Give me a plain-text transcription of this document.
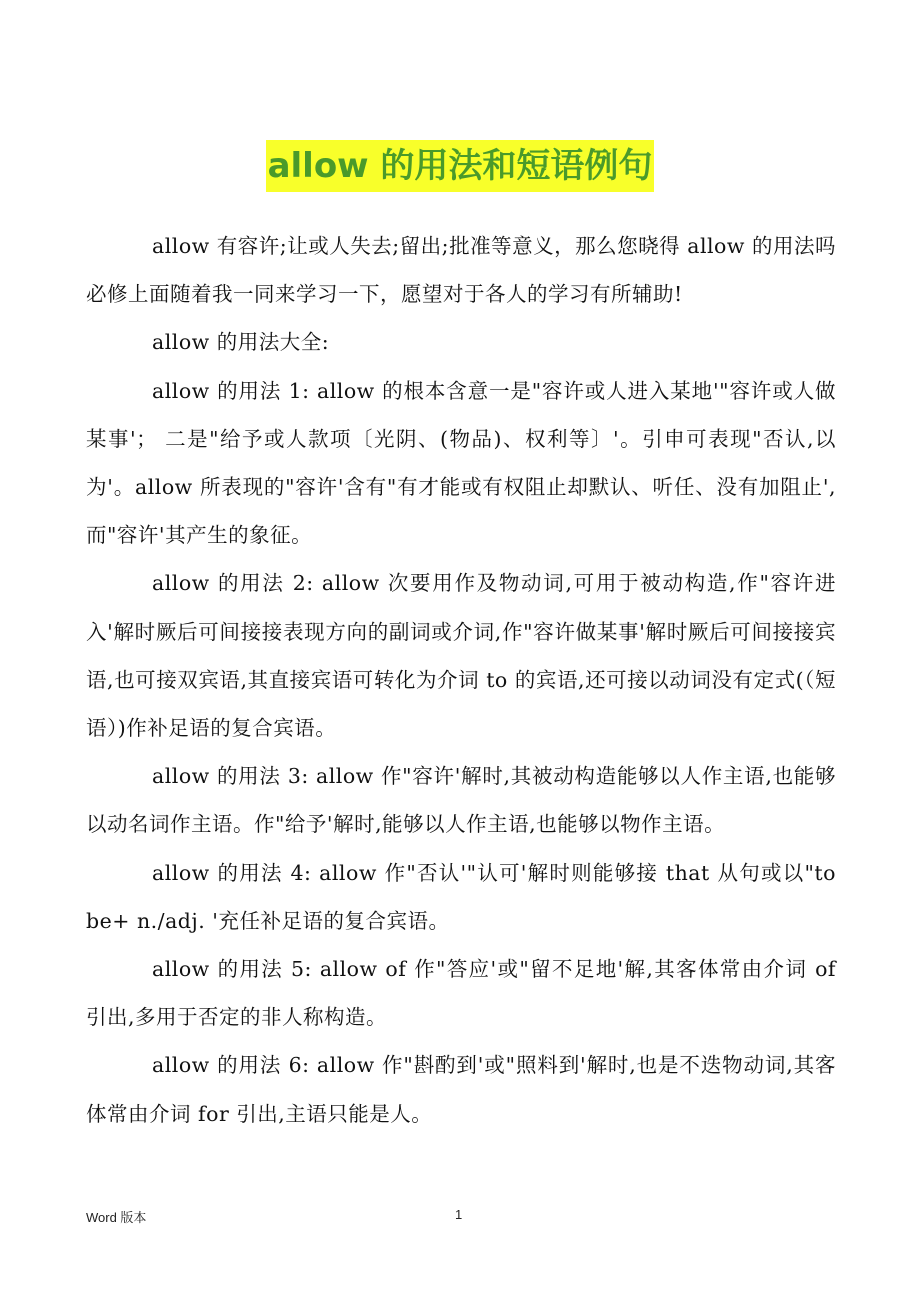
allow 的用法和短语例句

allow 有容许;让或人失去;留出;批准等意义，那么您晓得 allow 的用法吗必修上面随着我一同来学习一下，愿望对于各人的学习有所辅助!

allow 的用法大全:

allow 的用法 1: allow 的根本含意一是"容许或人进入某地'"容许或人做某事'； 二是"给予或人款项〔光阴、(物品)、权利等〕'。引申可表现"否认,以为'。allow 所表现的"容许'含有"有才能或有权阻止却默认、听任、没有加阻止',而"容许'其产生的象征。

allow 的用法 2: allow 次要用作及物动词,可用于被动构造,作"容许进入'解时厥后可间接接表现方向的副词或介词,作"容许做某事'解时厥后可间接接宾语,也可接双宾语,其直接宾语可转化为介词 to 的宾语,还可接以动词没有定式(（短语）)作补足语的复合宾语。

allow 的用法 3: allow 作"容许'解时,其被动构造能够以人作主语,也能够以动名词作主语。作"给予'解时,能够以人作主语,也能够以物作主语。

allow 的用法 4: allow 作"否认'"认可'解时则能够接 that 从句或以"to be+ n./adj. '充任补足语的复合宾语。

allow 的用法 5: allow of 作"答应'或"留不足地'解,其客体常由介词 of 引出,多用于否定的非人称构造。

allow 的用法 6: allow 作"斟酌到'或"照料到'解时,也是不迭物动词,其客体常由介词 for 引出,主语只能是人。

Word 版本	1
